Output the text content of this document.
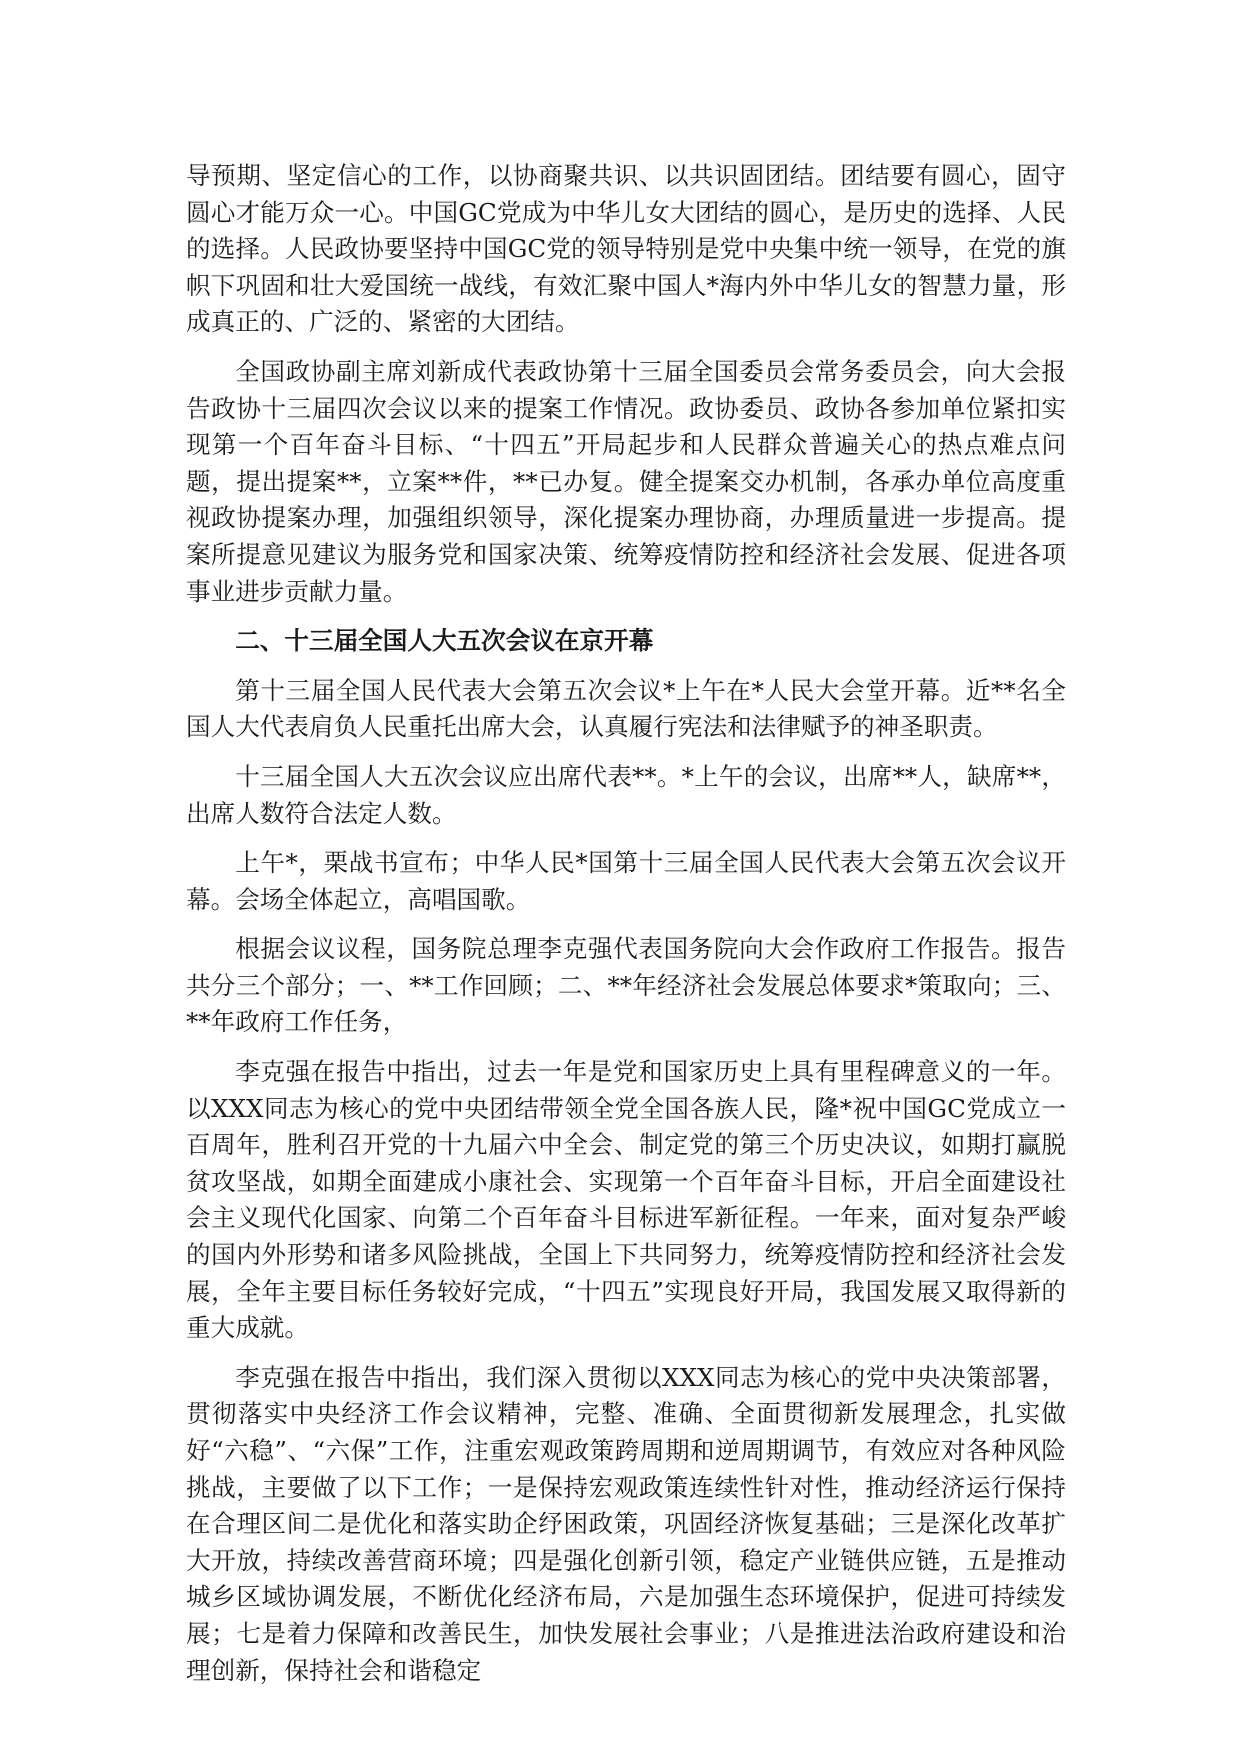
导预期、坚定信心的工作，以协商聚共识、以共识固团结。团结要有圆心，固守圆心才能万众一心。中国GC党成为中华儿女大团结的圆心，是历史的选择、人民的选择。人民政协要坚持中国GC党的领导特别是党中央集中统一领导，在党的旗帜下巩固和壮大爱国统一战线，有效汇聚中国人*海内外中华儿女的智慧力量，形成真正的、广泛的、紧密的大团结。

全国政协副主席刘新成代表政协第十三届全国委员会常务委员会，向大会报告政协十三届四次会议以来的提案工作情况。政协委员、政协各参加单位紧扣实现第一个百年奋斗目标、“十四五”开局起步和人民群众普遍关心的热点难点问题，提出提案**，立案**件，**已办复。健全提案交办机制，各承办单位高度重视政协提案办理，加强组织领导，深化提案办理协商，办理质量进一步提高。提案所提意见建议为服务党和国家决策、统筹疫情防控和经济社会发展、促进各项事业进步贡献力量。

二、十三届全国人大五次会议在京开幕

第十三届全国人民代表大会第五次会议*上午在*人民大会堂开幕。近**名全国人大代表肩负人民重托出席大会，认真履行宪法和法律赋予的神圣职责。

十三届全国人大五次会议应出席代表**。*上午的会议，出席**人，缺席**，出席人数符合法定人数。

上午*，栗战书宣布；中华人民*国第十三届全国人民代表大会第五次会议开幕。会场全体起立，高唱国歌。

根据会议议程，国务院总理李克强代表国务院向大会作政府工作报告。报告共分三个部分；一、**工作回顾；二、**年经济社会发展总体要求*策取向；三、**年政府工作任务，

李克强在报告中指出，过去一年是党和国家历史上具有里程碑意义的一年。以XXX同志为核心的党中央团结带领全党全国各族人民，隆*祝中国GC党成立一百周年，胜利召开党的十九届六中全会、制定党的第三个历史决议，如期打赢脱贫攻坚战，如期全面建成小康社会、实现第一个百年奋斗目标，开启全面建设社会主义现代化国家、向第二个百年奋斗目标进军新征程。一年来，面对复杂严峻的国内外形势和诸多风险挑战，全国上下共同努力，统筹疫情防控和经济社会发展，全年主要目标任务较好完成，“十四五”实现良好开局，我国发展又取得新的重大成就。

李克强在报告中指出，我们深入贯彻以XXX同志为核心的党中央决策部署，贯彻落实中央经济工作会议精神，完整、准确、全面贯彻新发展理念，扎实做好“六稳”、“六保”工作，注重宏观政策跨周期和逆周期调节，有效应对各种风险挑战，主要做了以下工作；一是保持宏观政策连续性针对性，推动经济运行保持在合理区间二是优化和落实助企纾困政策，巩固经济恢复基础；三是深化改革扩大开放，持续改善营商环境；四是强化创新引领，稳定产业链供应链，五是推动城乡区域协调发展，不断优化经济布局，六是加强生态环境保护，促进可持续发展；七是着力保障和改善民生，加快发展社会事业；八是推进法治政府建设和治理创新，保持社会和谐稳定
